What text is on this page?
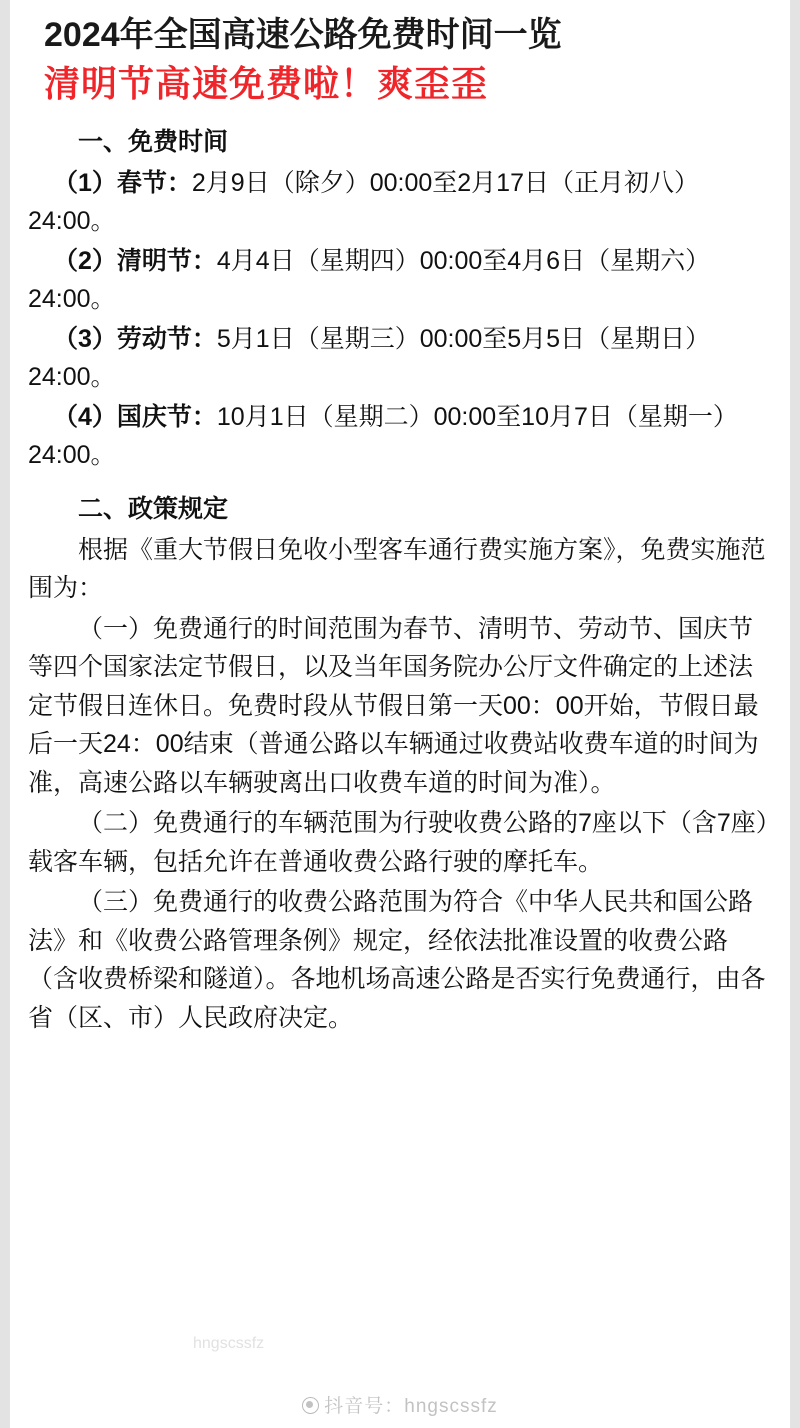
2024年全国高速公路免费时间一览
清明节高速免费啦！爽歪歪
一、免费时间
（1）春节：2月9日（除夕）00:00至2月17日（正月初八）24:00。
（2）清明节：4月4日（星期四）00:00至4月6日（星期六）24:00。
（3）劳动节：5月1日（星期三）00:00至5月5日（星期日）24:00。
（4）国庆节：10月1日（星期二）00:00至10月7日（星期一）24:00。
二、政策规定
根据《重大节假日免收小型客车通行费实施方案》，免费实施范围为：
（一）免费通行的时间范围为春节、清明节、劳动节、国庆节等四个国家法定节假日，以及当年国务院办公厅文件确定的上述法定节假日连休日。免费时段从节假日第一天00：00开始，节假日最后一天24：00结束（普通公路以车辆通过收费站收费车道的时间为准，高速公路以车辆驶离出口收费车道的时间为准）。
（二）免费通行的车辆范围为行驶收费公路的7座以下（含7座）载客车辆，包括允许在普通收费公路行驶的摩托车。
（三）免费通行的收费公路范围为符合《中华人民共和国公路法》和《收费公路管理条例》规定，经依法批准设置的收费公路（含收费桥梁和隧道）。各地机场高速公路是否实行免费通行，由各省（区、市）人民政府决定。
hngscssfz
抖音号：hngscssfz
